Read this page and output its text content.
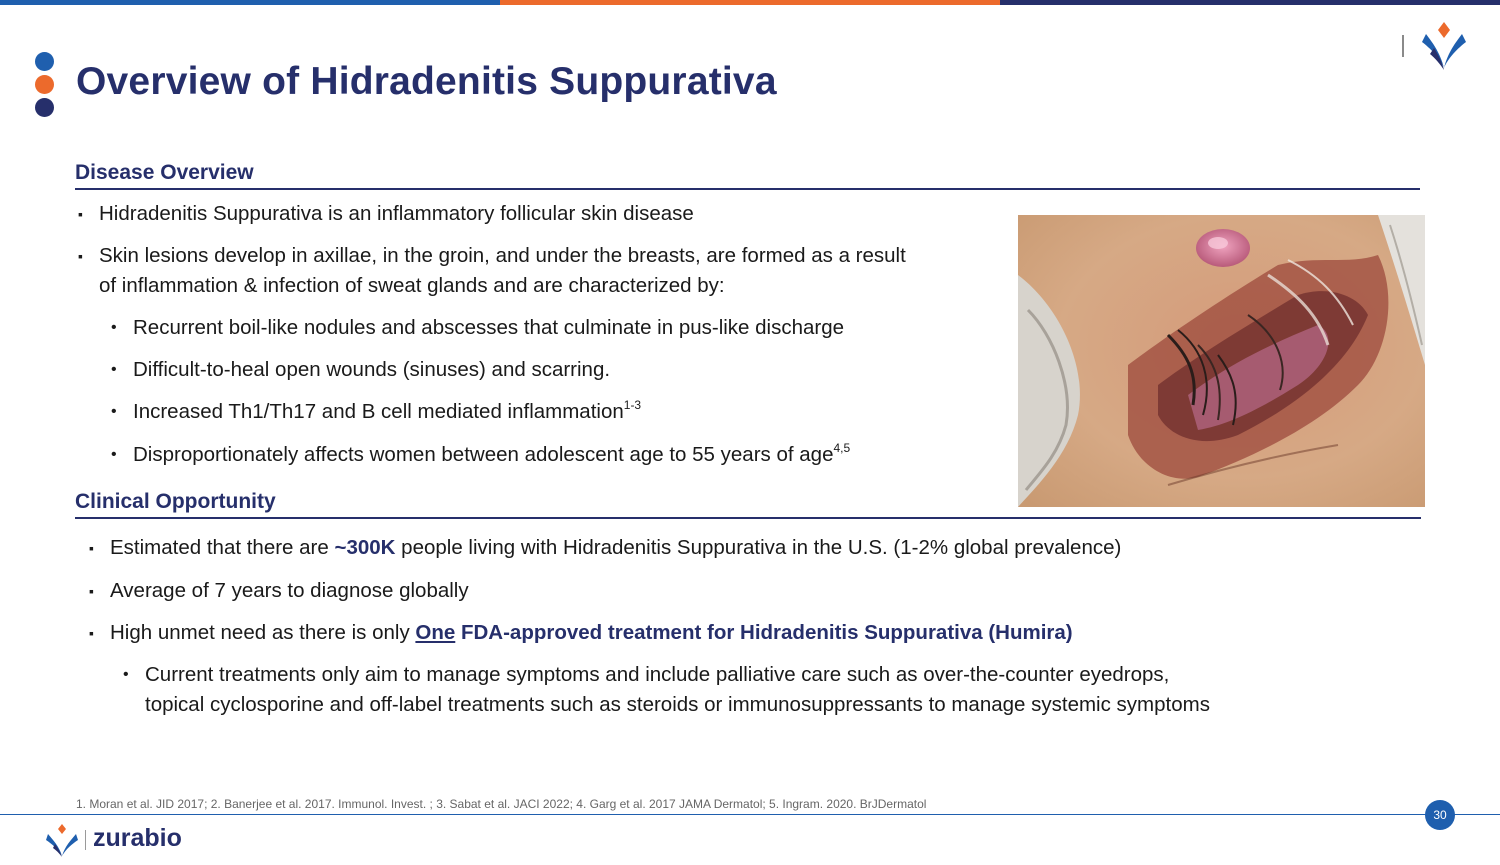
Overview of Hidradenitis Suppurativa
Disease Overview

▪ Hidradenitis Suppurativa is an inflammatory follicular skin disease

▪ Skin lesions develop in axillae, in the groin, and under the breasts, are formed as a result
of inflammation & infection of sweat glands and are characterized by:

• Recurrent boil-like nodules and abscesses that culminate in pus-like discharge

• Difficult-to-heal open wounds (sinuses) and scarring.

• Increased Th1/Th17 and B cell mediated inflammation$^{1-3}$

• Disproportionately affects women between adolescent age to 55 years of age$^{4,5}$

Clinical Opportunity

▪ Estimated that there are ~300K people living with Hidradenitis Suppurativa in the U.S. (1-2% global prevalence)

▪ Average of 7 years to diagnose globally

▪ High unmet need as there is only One FDA-approved treatment for Hidradenitis Suppurativa (Humira)

• Current treatments only aim to manage symptoms and include palliative care such as over-the-counter eyedrops,
topical cyclosporine and off-label treatments such as steroids or immunosuppressants to manage systemic symptoms

1. Moran et al. JID 2017; 2. Banerjee et al. 2017. Immunol. Invest. ; 3. Sabat et al. JACI 2022; 4. Garg et al. 2017 JAMA Dermatol; 5. Ingram. 2020. BrJDermatol
30
zurabio
